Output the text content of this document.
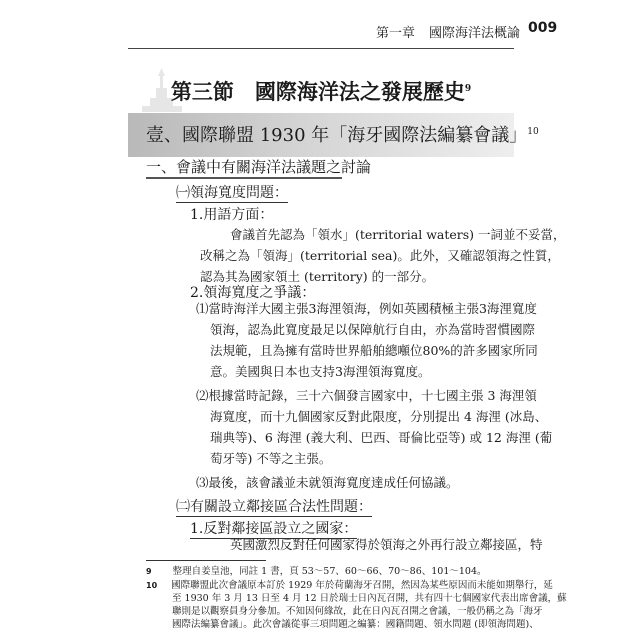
第一章 國際海洋法概論 009
第三節　國際海洋法之發展歷史$^9$
壹、國際聯盟 1930 年「海牙國際法編纂會議」$^{10}$
一、會議中有關海洋法議題之討論
㈠領海寬度問題：
1.用語方面：
會議首先認為「領水」(territorial waters) 一詞並不妥當，
改稱之為「領海」(territorial sea)。此外，又確認領海之性質，
認為其為國家領土 (territory) 的一部分。
2.領海寬度之爭議：
⑴當時海洋大國主張3海浬領海，例如英國積極主張3海浬寬度
領海，認為此寬度最足以保障航行自由，亦為當時習慣國際
法規範，且為擁有當時世界船舶總噸位80%的許多國家所同
意。美國與日本也支持3海浬領海寬度。
⑵根據當時記錄，三十六個發言國家中，十七國主張 3 海浬領
海寬度，而十九個國家反對此限度，分別提出 4 海浬 (冰島、
瑞典等)、6 海浬 (義大利、巴西、哥倫比亞等) 或 12 海浬 (葡
萄牙等) 不等之主張。
⑶最後，該會議並未就領海寬度達成任何協議。
㈡有關設立鄰接區合法性問題：
1.反對鄰接區設立之國家：
英國激烈反對任何國家得於領海之外再行設立鄰接區，特
9 整理自姜皇池，同註 1 書，頁 53～57、60～66、70～86、101～104。
10 國際聯盟此次會議原本訂於 1929 年於荷蘭海牙召開，然因為某些原因而未能如期舉行，延
至 1930 年 3 月 13 日至 4 月 12 日於瑞士日內瓦召開，共有四十七個國家代表出席會議，蘇
聯則是以觀察員身分參加。不知因何緣故，此在日內瓦召開之會議，一般仍稱之為「海牙
國際法編纂會議」。此次會議從事三項問題之編纂：國籍問題、領水問題 (即領海問題)、
